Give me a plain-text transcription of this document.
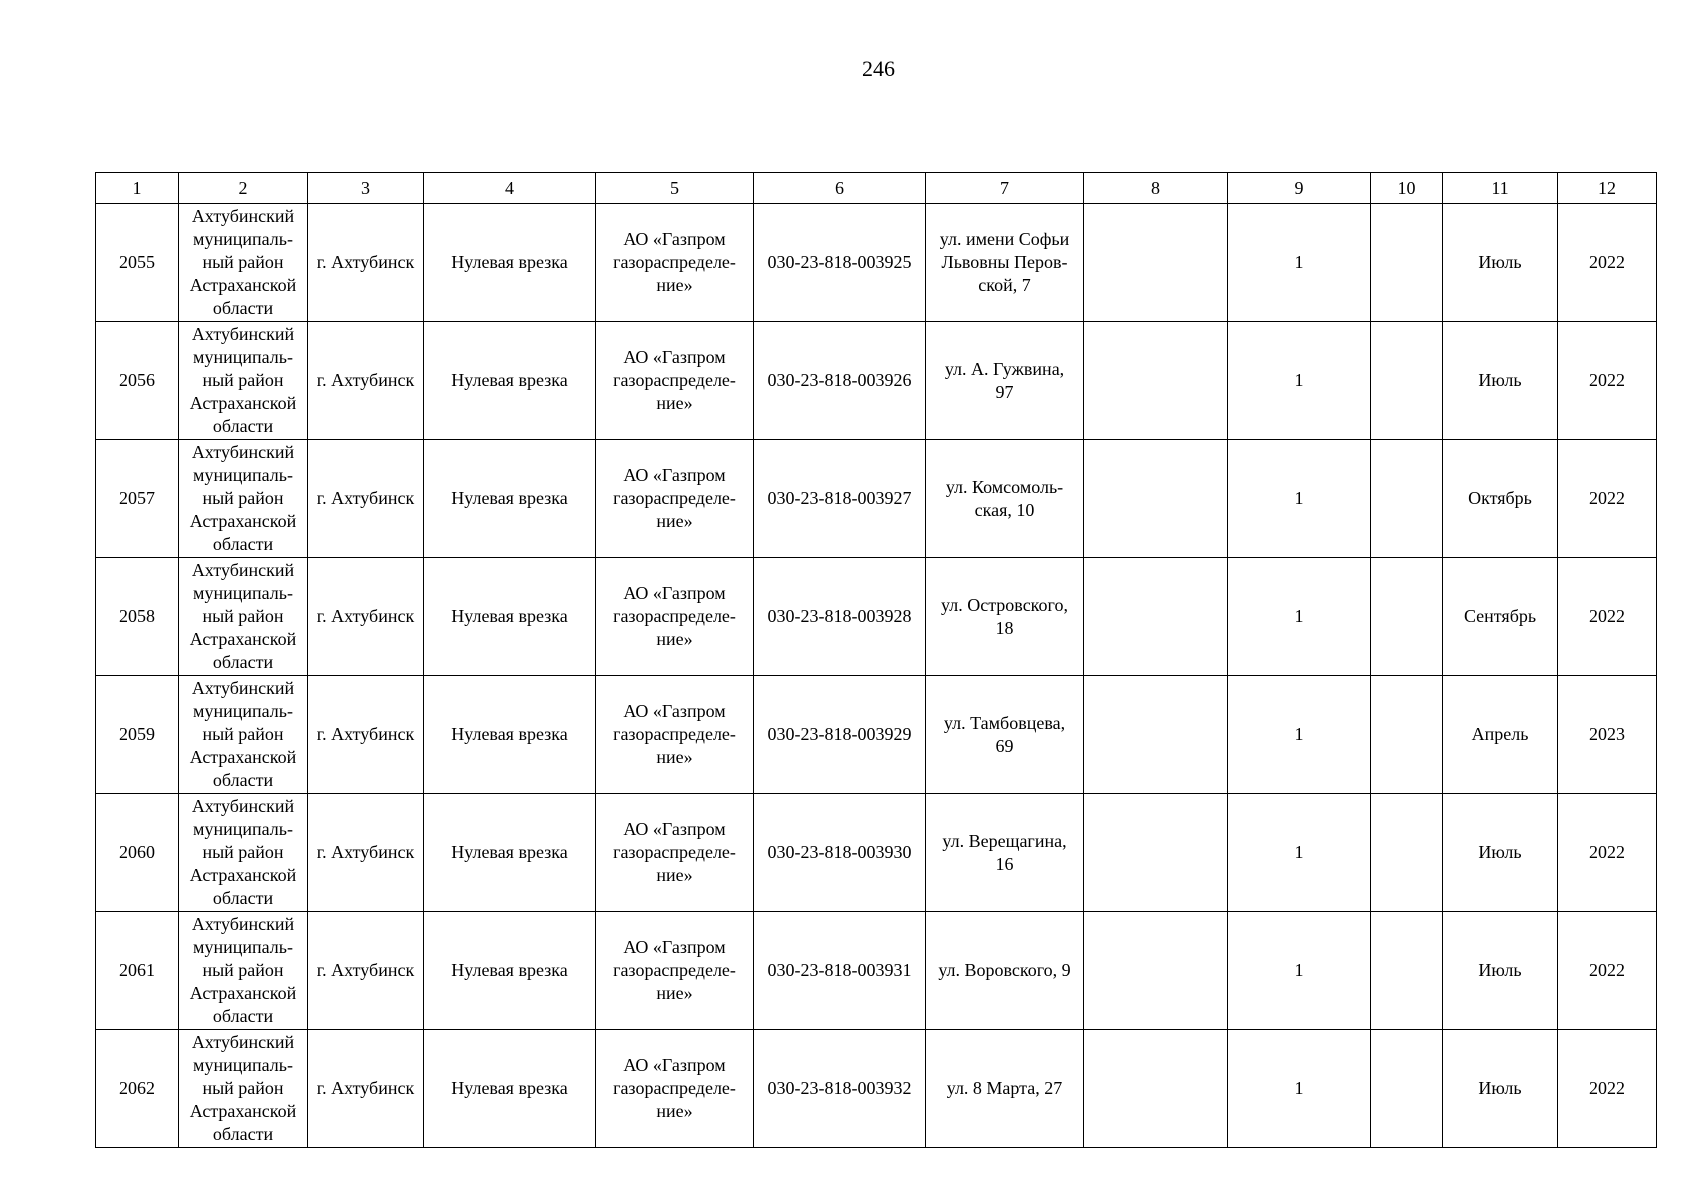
246
1	2	3	4	5	6	7	8	9	10	11	12
2055	Ахтубинский
муниципаль-
ный район
Астраханской
области	г. Ахтубинск	Нулевая врезка	АО «Газпром
газораспределе-
ние»	030-23-818-003925	ул. имени Софьи
Львовны Перов-
ской, 7		1		Июль	2022
2056	Ахтубинский
муниципаль-
ный район
Астраханской
области	г. Ахтубинск	Нулевая врезка	АО «Газпром
газораспределе-
ние»	030-23-818-003926	ул. А. Гужвина,
97		1		Июль	2022
2057	Ахтубинский
муниципаль-
ный район
Астраханской
области	г. Ахтубинск	Нулевая врезка	АО «Газпром
газораспределе-
ние»	030-23-818-003927	ул. Комсомоль-
ская, 10		1		Октябрь	2022
2058	Ахтубинский
муниципаль-
ный район
Астраханской
области	г. Ахтубинск	Нулевая врезка	АО «Газпром
газораспределе-
ние»	030-23-818-003928	ул. Островского,
18		1		Сентябрь	2022
2059	Ахтубинский
муниципаль-
ный район
Астраханской
области	г. Ахтубинск	Нулевая врезка	АО «Газпром
газораспределе-
ние»	030-23-818-003929	ул. Тамбовцева,
69		1		Апрель	2023
2060	Ахтубинский
муниципаль-
ный район
Астраханской
области	г. Ахтубинск	Нулевая врезка	АО «Газпром
газораспределе-
ние»	030-23-818-003930	ул. Верещагина,
16		1		Июль	2022
2061	Ахтубинский
муниципаль-
ный район
Астраханской
области	г. Ахтубинск	Нулевая врезка	АО «Газпром
газораспределе-
ние»	030-23-818-003931	ул. Воровского, 9		1		Июль	2022
2062	Ахтубинский
муниципаль-
ный район
Астраханской
области	г. Ахтубинск	Нулевая врезка	АО «Газпром
газораспределе-
ние»	030-23-818-003932	ул. 8 Марта, 27		1		Июль	2022
